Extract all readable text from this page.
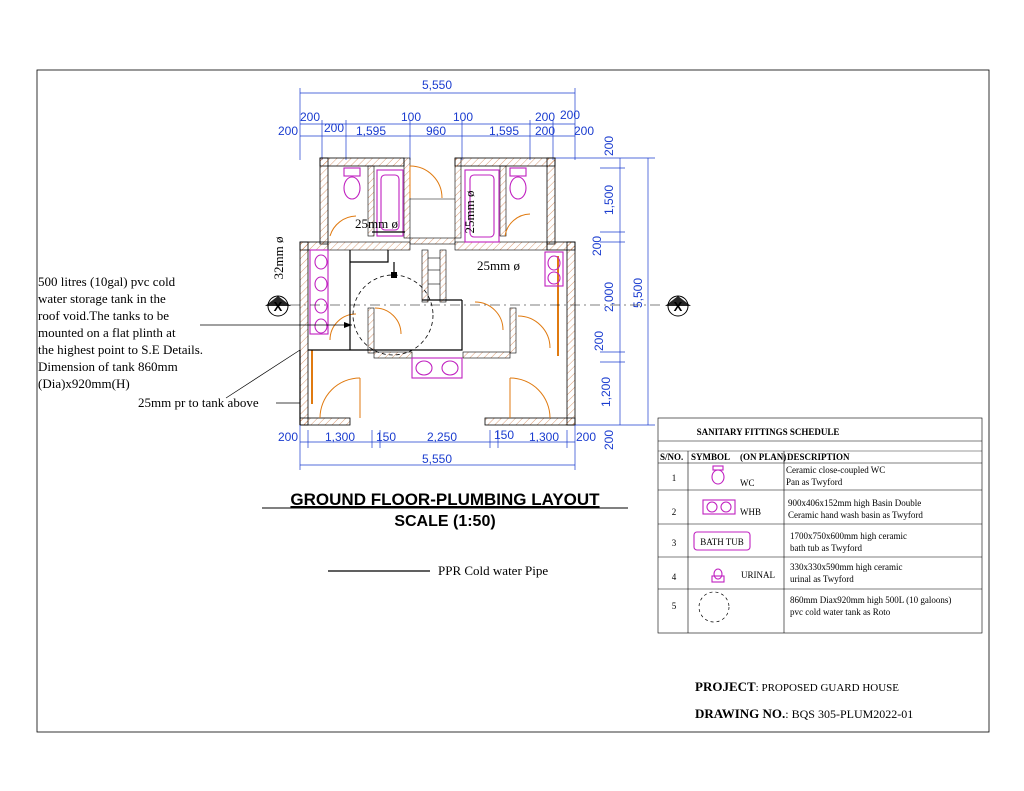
5,550
200	100	100	200 200
200 200 1,595	960	1,595 200 200
200
1,500
200
2,000
200
1,200
200
5,500
32mm ø
25mm ø	25mm ø
25mm ø
X	X
500 litres (10gal) pvc cold
water storage tank in the
roof void.The tanks to be
mounted on a flat plinth at
the highest point to S.E Details.
Dimension of tank 860mm
(Dia)x920mm(H)
25mm pr to tank above
200 1,300 150	2,250	150 1,300 200
5,550
GROUND FLOOR-PLUMBING LAYOUT
SCALE (1:50)
PPR Cold water Pipe
SANITARY FITTINGS SCHEDULE
S/NO. SYMBOL (ON PLAN) DESCRIPTION
1	WC
Ceramic close-coupled WC
Pan as Twyford
2	WHB
900x406x152mm high Basin Double
Ceramic hand wash basin as Twyford
3	BATH TUB
1700x750x600mm high ceramic
bath tub as Twyford
4	URINAL
330x330x590mm high ceramic
urinal as Twyford
5
860mm Diax920mm high 500L (10 galoons)
pvc cold water tank as Roto
PROJECT: PROPOSED GUARD HOUSE
DRAWING NO.: BQS 305-PLUM2022-01
